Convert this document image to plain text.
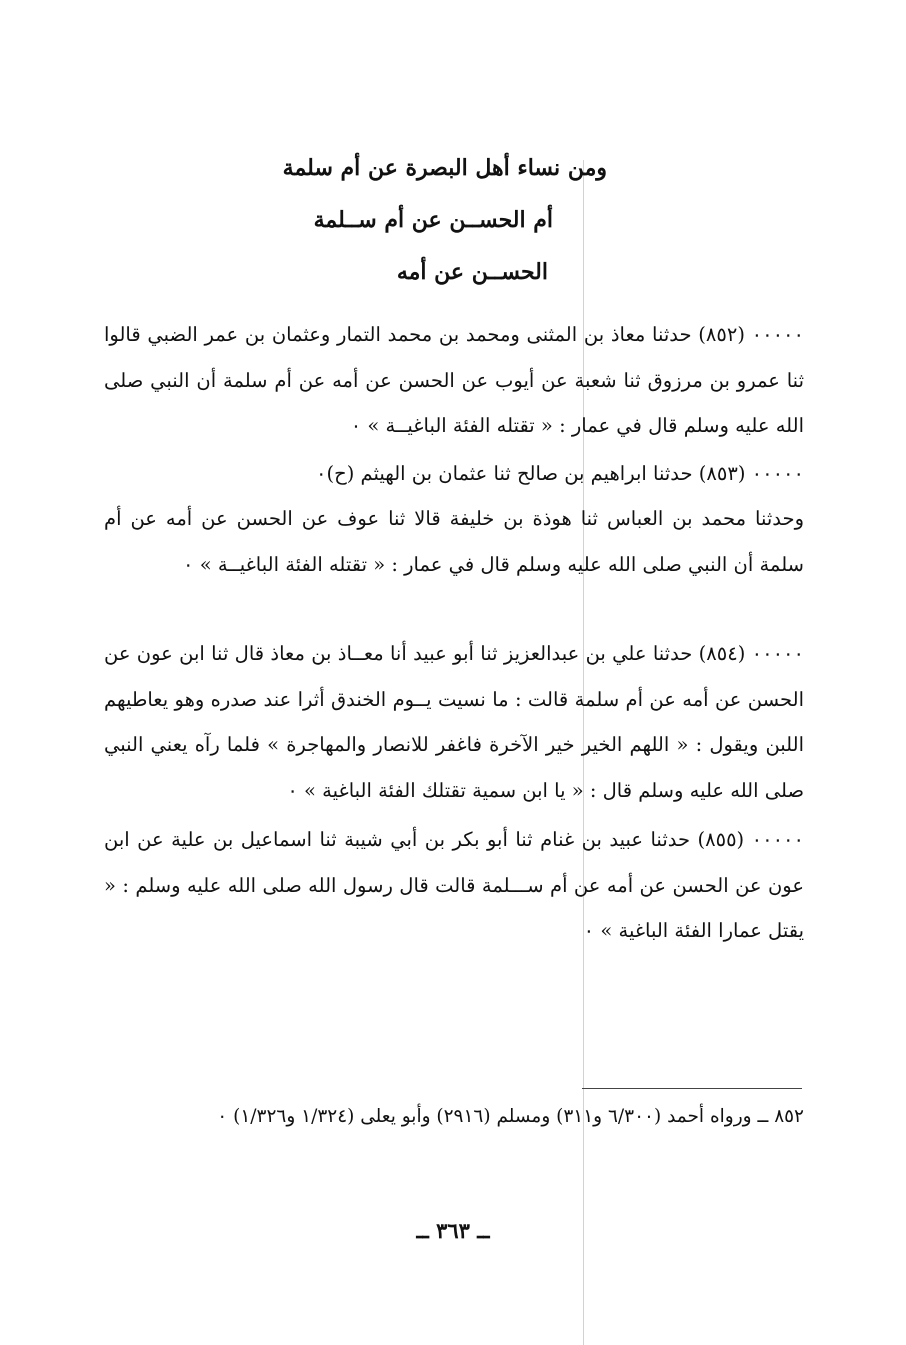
ومن نساء أهل البصرة عن أم سلمة
أم الحســن عن أم ســلمة
الحســن عن أمه

٠٠٠٠٠ (٨٥٢) حدثنا معاذ بن المثنى ومحمد بن محمد التمار وعثمان بن عمر الضبي قالوا ثنا عمرو بن مرزوق ثنا شعبة عن أيوب عن الحسن عن أمه عن أم سلمة أن النبي صلى الله عليه وسلم قال في عمار : « تقتله الفئة الباغيــة » ٠

٠٠٠٠٠ (٨٥٣) حدثنا ابراهيم بن صالح ثنا عثمان بن الهيثم (ح)٠

وحدثنا محمد بن العباس ثنا هوذة بن خليفة قالا ثنا عوف عن الحسن عن أمه عن أم سلمة أن النبي صلى الله عليه وسلم قال في عمار : « تقتله الفئة الباغيــة » ٠

٠٠٠٠٠ (٨٥٤) حدثنا علي بن عبدالعزيز ثنا أبو عبيد أنا معــاذ بن معاذ قال ثنا ابن عون عن الحسن عن أمه عن أم سلمة قالت : ما نسيت يــوم الخندق أثرا عند صدره وهو يعاطيهم اللبن ويقول : « اللهم الخير خير الآخرة فاغفر للانصار والمهاجرة » فلما رآه يعني النبي صلى الله عليه وسلم قال : « يا ابن سمية تقتلك الفئة الباغية » ٠

٠٠٠٠٠ (٨٥٥) حدثنا عبيد بن غنام ثنا أبو بكر بن أبي شيبة ثنا اسماعيل بن علية عن ابن عون عن الحسن عن أمه عن أم ســـلمة قالت قال رسول الله صلى الله عليه وسلم : « يقتل عمارا الفئة الباغية » ٠

٨٥٢ ــ ورواه أحمد (٦/٣٠٠ و٣١١) ومسلم (٢٩١٦) وأبو يعلى (١/٣٢٤ و١/٣٢٦) ٠
ــ ٣٦٣ ــ
